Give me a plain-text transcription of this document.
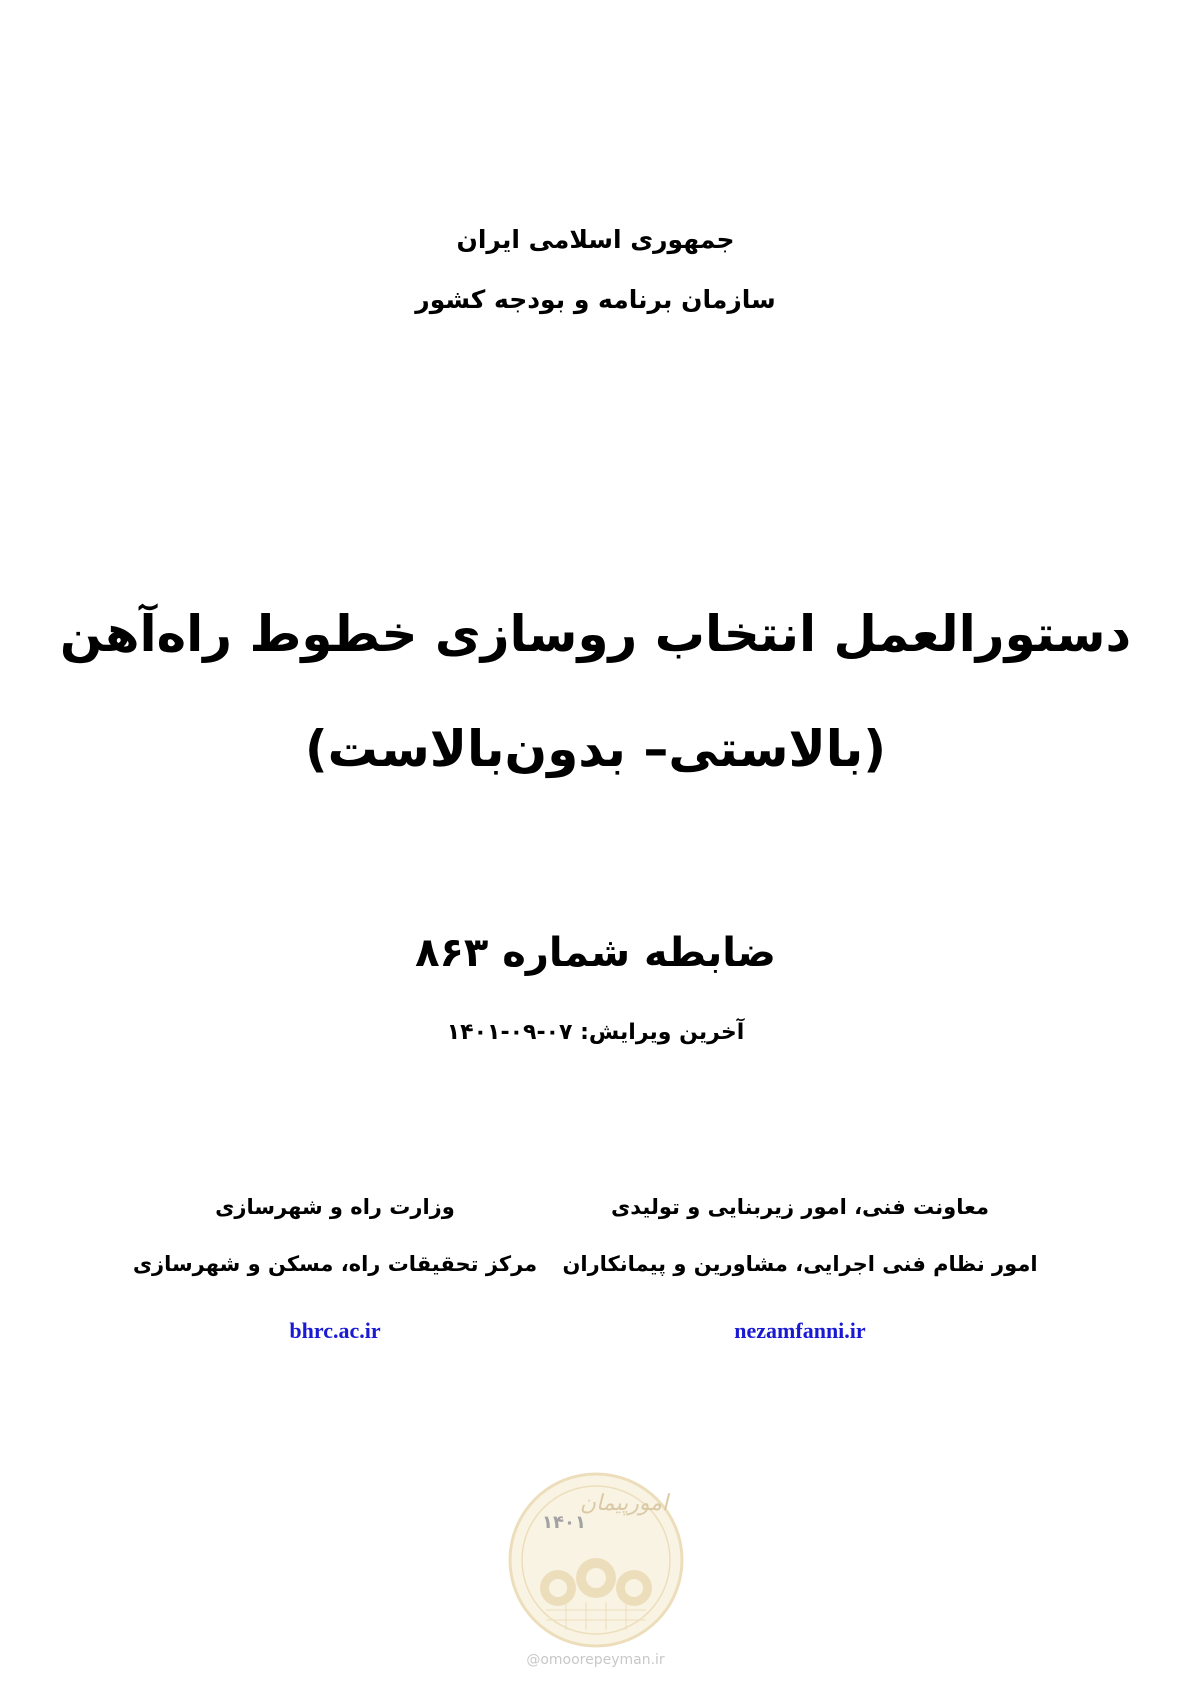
جمهوری اسلامی ایران
سازمان برنامه و بودجه کشور
دستورالعمل انتخاب روسازی خطوط راه‌آهن
(بالاستی– بدون‌بالاست)
ضابطه شماره ۸۶۳
آخرین ویرایش: ۰۷-۰۹-۱۴۰۱
معاونت فنی، امور زیربنایی و تولیدی
امور نظام فنی اجرایی، مشاورین و پیمانکاران
nezamfanni.ir
وزارت راه و شهرسازی
مرکز تحقیقات راه، مسکن و شهرسازی
bhrc.ac.ir
امورپیمان
۱۴۰۱
@omoorepeyman.ir
